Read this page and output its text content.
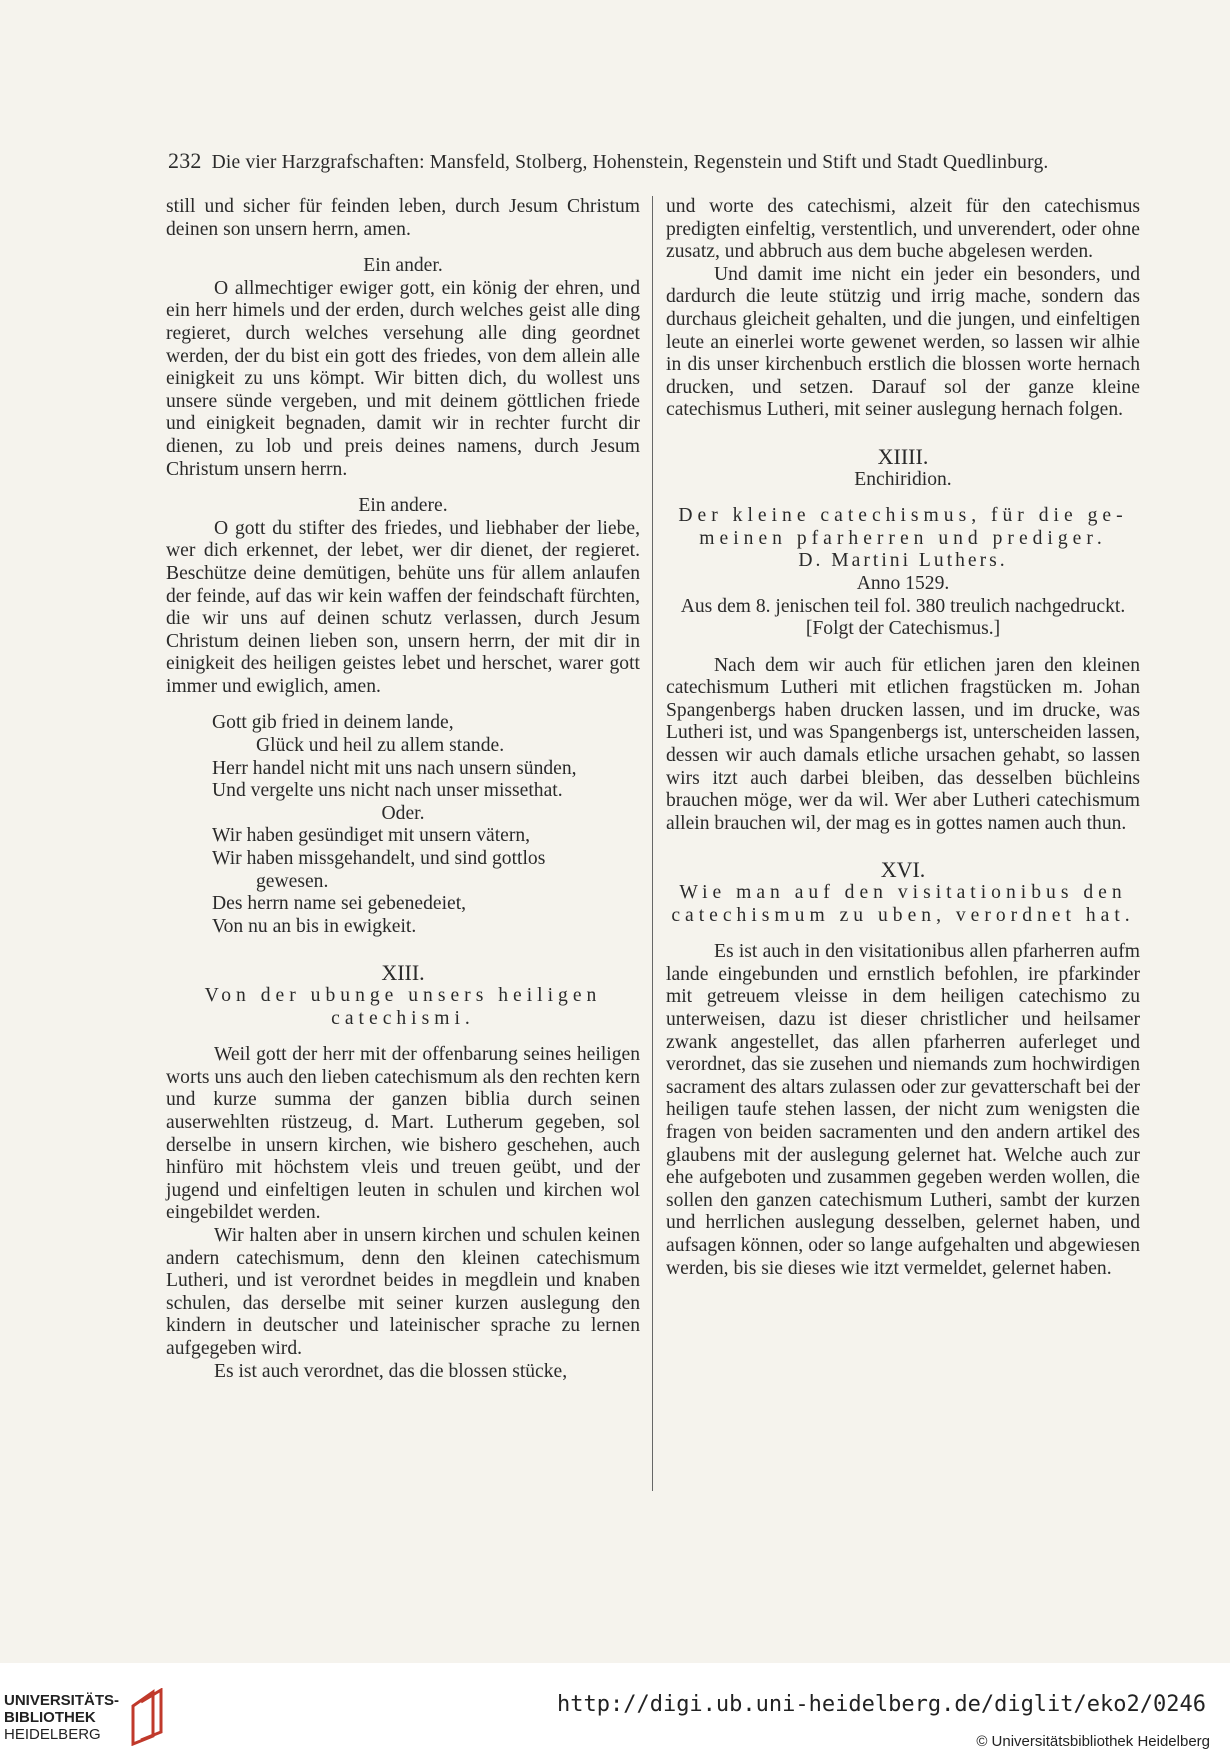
232 Die vier Harzgrafschaften: Mansfeld, Stolberg, Hohenstein, Regenstein und Stift und Stadt Quedlinburg.

still und sicher für feinden leben, durch Jesum Christum deinen son unsern herrn, amen.

Ein ander.

O allmechtiger ewiger gott, ein könig der ehren, und ein herr himels und der erden, durch welches geist alle ding regieret, durch welches versehung alle ding geordnet werden, der du bist ein gott des friedes, von dem allein alle einigkeit zu uns kömpt. Wir bitten dich, du wollest uns unsere sünde vergeben, und mit deinem göttlichen friede und einigkeit begnaden, damit wir in rechter furcht dir dienen, zu lob und preis deines namens, durch Jesum Christum unsern herrn.

Ein andere.

O gott du stifter des friedes, und liebhaber der liebe, wer dich erkennet, der lebet, wer dir dienet, der regieret. Beschütze deine demütigen, behüte uns für allem anlaufen der feinde, auf das wir kein waffen der feindschaft fürchten, die wir uns auf deinen schutz verlassen, durch Jesum Christum deinen lieben son, unsern herrn, der mit dir in einigkeit des heiligen geistes lebet und herschet, warer gott immer und ewiglich, amen.

Gott gib fried in deinem lande,
Glück und heil zu allem stande.
Herr handel nicht mit uns nach unsern sünden,
Und vergelte uns nicht nach unser missethat.
Oder.
Wir haben gesündiget mit unsern vätern,
Wir haben missgehandelt, und sind gottlos
gewesen.
Des herrn name sei gebenedeiet,
Von nu an bis in ewigkeit.

XIII.

Von der ubunge unsers heiligen

catechismi.

Weil gott der herr mit der offenbarung seines heiligen worts uns auch den lieben catechismum als den rechten kern und kurze summa der ganzen biblia durch seinen auserwehlten rüstzeug, d. Mart. Lutherum gegeben, sol derselbe in unsern kirchen, wie bishero geschehen, auch hinfüro mit höchstem vleis und treuen geübt, und der jugend und einfeltigen leuten in schulen und kirchen wol eingebildet werden.

Wir halten aber in unsern kirchen und schulen keinen andern catechismum, denn den kleinen catechismum Lutheri, und ist verordnet beides in megdlein und knaben schulen, das derselbe mit seiner kurzen auslegung den kindern in deutscher und lateinischer sprache zu lernen aufgegeben wird.

Es ist auch verordnet, das die blossen stücke,

und worte des catechismi, alzeit für den catechismus predigten einfeltig, verstentlich, und unverendert, oder ohne zusatz, und abbruch aus dem buche abgelesen werden.

Und damit ime nicht ein jeder ein besonders, und dardurch die leute stützig und irrig mache, sondern das durchaus gleicheit gehalten, und die jungen, und einfeltigen leute an einerlei worte gewenet werden, so lassen wir alhie in dis unser kirchenbuch erstlich die blossen worte hernach drucken, und setzen. Darauf sol der ganze kleine catechismus Lutheri, mit seiner auslegung hernach folgen.

XIIII.

Enchiridion.

Der kleine catechismus, für die ge-

meinen pfarherren und prediger.

D. Martini Luthers.

Anno 1529.

Aus dem 8. jenischen teil fol. 380 treulich nachgedruckt.

[Folgt der Catechismus.]

Nach dem wir auch für etlichen jaren den kleinen catechismum Lutheri mit etlichen fragstücken m. Johan Spangenbergs haben drucken lassen, und im drucke, was Lutheri ist, und was Spangenbergs ist, unterscheiden lassen, dessen wir auch damals etliche ursachen gehabt, so lassen wirs itzt auch darbei bleiben, das desselben büchleins brauchen möge, wer da wil. Wer aber Lutheri catechismum allein brauchen wil, der mag es in gottes namen auch thun.

XVI.

Wie man auf den visitationibus den

catechismum zu uben, verordnet hat.

Es ist auch in den visitationibus allen pfarherren aufm lande eingebunden und ernstlich befohlen, ire pfarkinder mit getreuem vleisse in dem heiligen catechismo zu unterweisen, dazu ist dieser christlicher und heilsamer zwank angestellet, das allen pfarherren auferleget und verordnet, das sie zusehen und niemands zum hochwirdigen sacrament des altars zulassen oder zur gevatterschaft bei der heiligen taufe stehen lassen, der nicht zum wenigsten die fragen von beiden sacramenten und den andern artikel des glaubens mit der auslegung gelernet hat. Welche auch zur ehe aufgeboten und zusammen gegeben werden wollen, die sollen den ganzen catechismum Lutheri, sambt der kurzen und herrlichen auslegung desselben, gelernet haben, und aufsagen können, oder so lange aufgehalten und abgewiesen werden, bis sie dieses wie itzt vermeldet, gelernet haben.

UNIVERSITÄTS-
BIBLIOTHEK
HEIDELBERG
http://digi.ub.uni-heidelberg.de/diglit/eko2/0246
© Universitätsbibliothek Heidelberg
